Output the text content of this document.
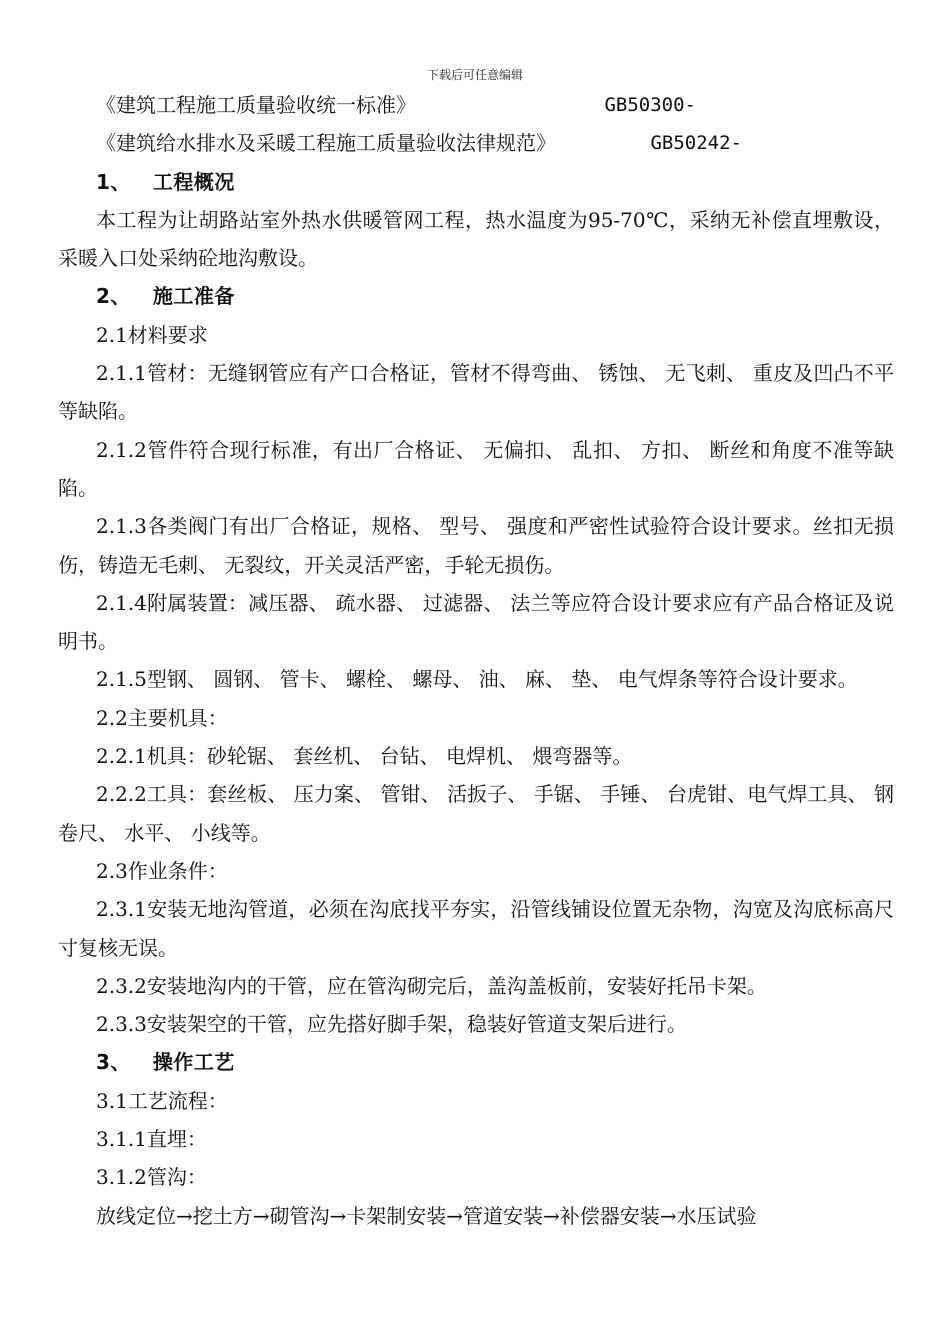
下载后可任意编辑
《建筑工程施工质量验收统一标准》	GB50300-
《建筑给水排水及采暖工程施工质量验收法律规范》	GB50242-
1、 工程概况

本工程为让胡路站室外热水供暖管网工程，热水温度为95-70℃，采纳无补偿直埋敷设，采暖入口处采纳砼地沟敷设。

2、 施工准备

2.1材料要求

2.1.1管材：无缝钢管应有产口合格证，管材不得弯曲、 锈蚀、 无飞刺、 重皮及凹凸不平等缺陷。

2.1.2管件符合现行标准，有出厂合格证、 无偏扣、 乱扣、 方扣、 断丝和角度不准等缺陷。

2.1.3各类阀门有出厂合格证，规格、 型号、 强度和严密性试验符合设计要求。丝扣无损伤，铸造无毛刺、 无裂纹，开关灵活严密，手轮无损伤。

2.1.4附属装置：减压器、 疏水器、 过滤器、 法兰等应符合设计要求应有产品合格证及说明书。

2.1.5型钢、 圆钢、 管卡、 螺栓、 螺母、 油、 麻、 垫、 电气焊条等符合设计要求。

2.2主要机具：

2.2.1机具：砂轮锯、 套丝机、 台钻、 电焊机、 煨弯器等。

2.2.2工具：套丝板、 压力案、 管钳、 活扳子、 手锯、 手锤、 台虎钳、电气焊工具、 钢卷尺、 水平、 小线等。

2.3作业条件：

2.3.1安装无地沟管道，必须在沟底找平夯实，沿管线铺设位置无杂物，沟宽及沟底标高尺寸复核无误。

2.3.2安装地沟内的干管，应在管沟砌完后，盖沟盖板前，安装好托吊卡架。

2.3.3安装架空的干管，应先搭好脚手架，稳装好管道支架后进行。

3、 操作工艺

3.1工艺流程：

3.1.1直埋：

3.1.2管沟：

放线定位→挖土方→砌管沟→卡架制安装→管道安装→补偿器安装→水压试验
